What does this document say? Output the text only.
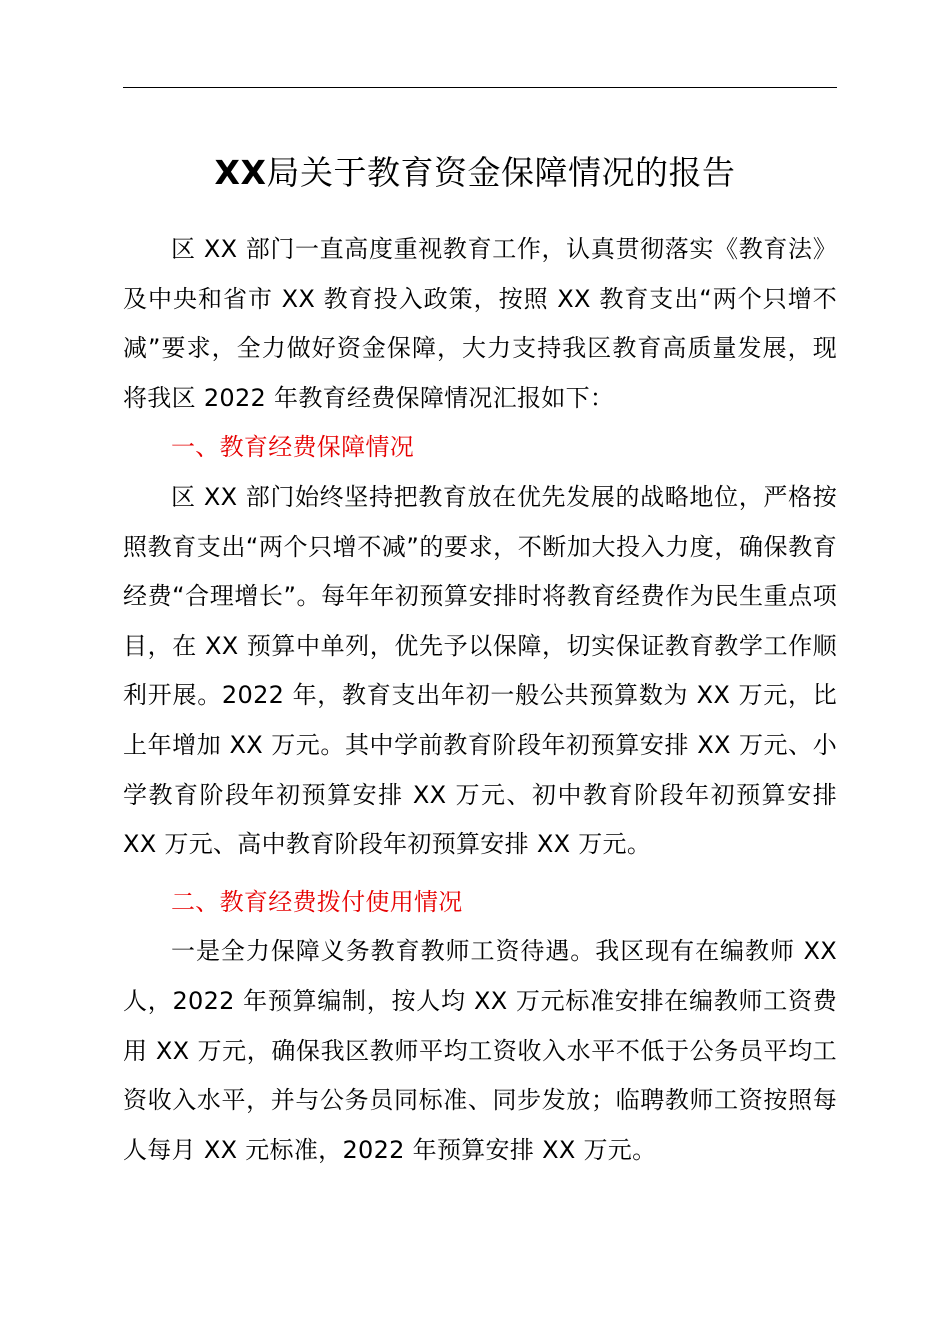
XX局关于教育资金保障情况的报告

区 XX 部门一直高度重视教育工作，认真贯彻落实《教育法》及中央和省市 XX 教育投入政策，按照 XX 教育支出“两个只增不减”要求，全力做好资金保障，大力支持我区教育高质量发展，现将我区 2022 年教育经费保障情况汇报如下：

一、教育经费保障情况

区 XX 部门始终坚持把教育放在优先发展的战略地位，严格按照教育支出“两个只增不减”的要求，不断加大投入力度，确保教育经费“合理增长”。每年年初预算安排时将教育经费作为民生重点项目，在 XX 预算中单列，优先予以保障，切实保证教育教学工作顺利开展。2022 年，教育支出年初一般公共预算数为 XX 万元，比上年增加 XX 万元。其中学前教育阶段年初预算安排 XX 万元、小学教育阶段年初预算安排 XX 万元、初中教育阶段年初预算安排 XX 万元、高中教育阶段年初预算安排 XX 万元。

二、教育经费拨付使用情况

一是全力保障义务教育教师工资待遇。我区现有在编教师 XX 人，2022 年预算编制，按人均 XX 万元标准安排在编教师工资费用 XX 万元，确保我区教师平均工资收入水平不低于公务员平均工资收入水平，并与公务员同标准、同步发放；临聘教师工资按照每人每月 XX 元标准，2022 年预算安排 XX 万元。
